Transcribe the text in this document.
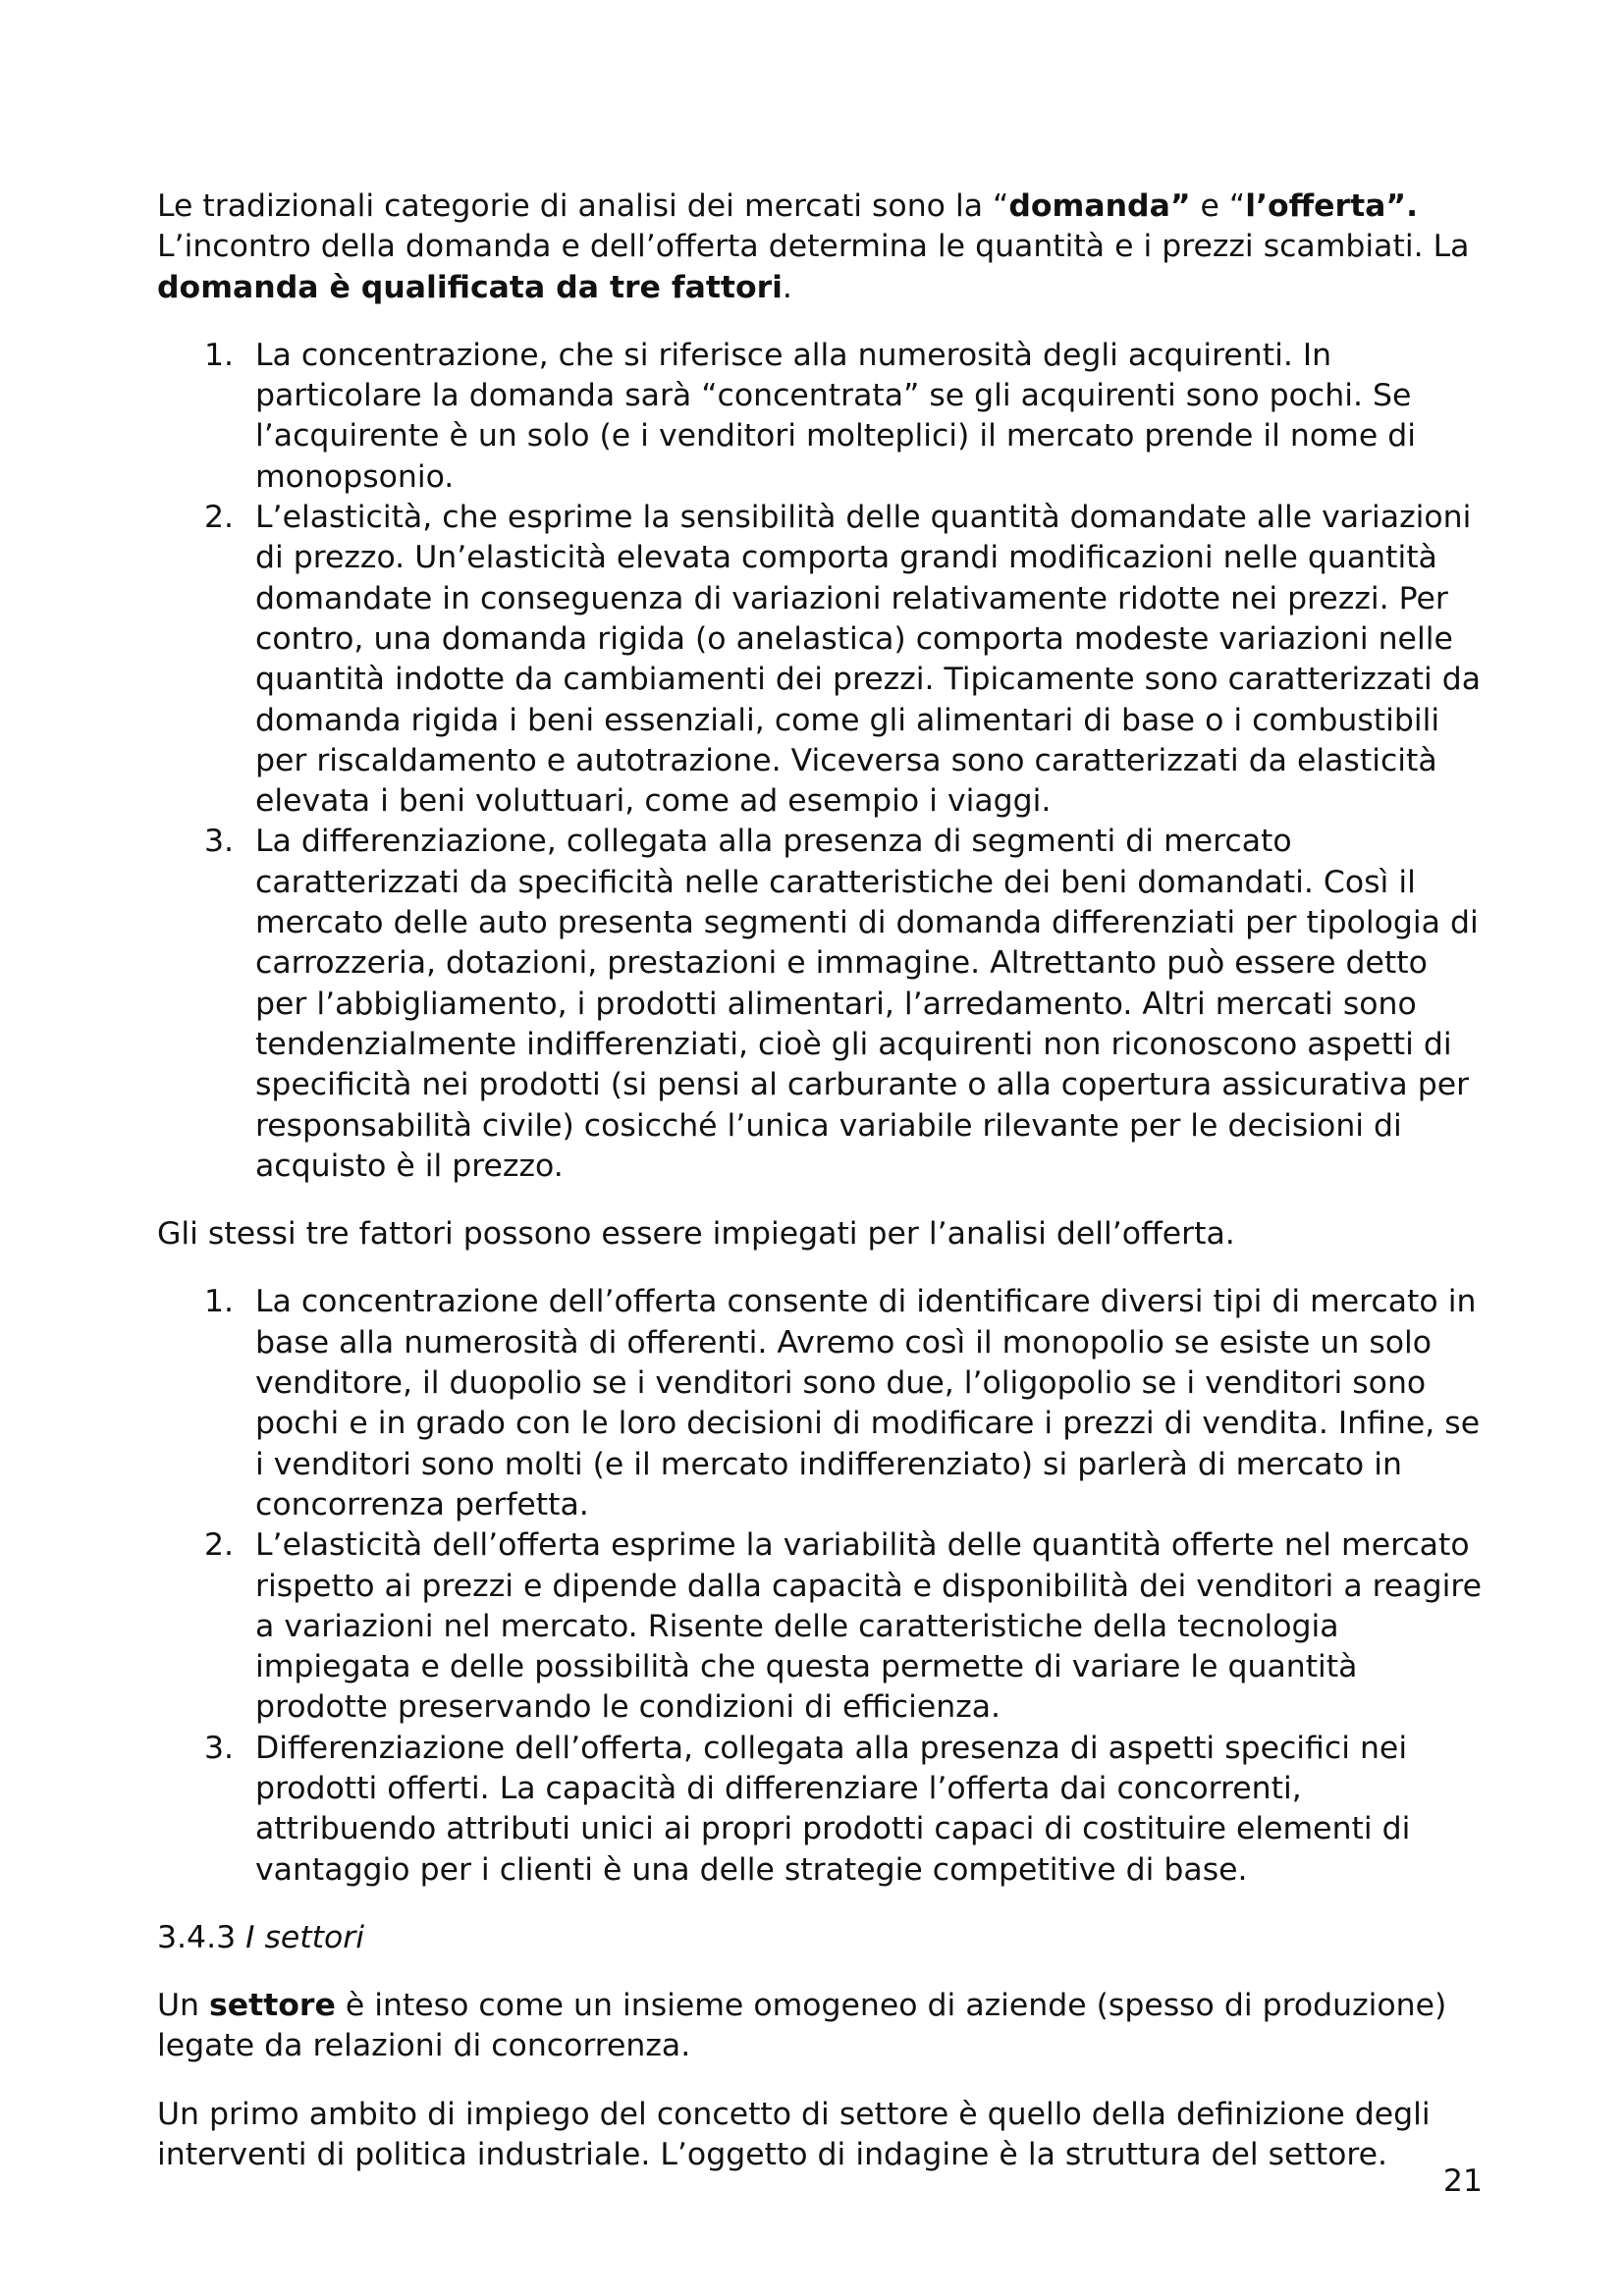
Le tradizionali categorie di analisi dei mercati sono la “domanda” e “l’offerta”. L’incontro della domanda e dell’offerta determina le quantità e i prezzi scambiati. La domanda è qualificata da tre fattori.

1. La concentrazione, che si riferisce alla numerosità degli acquirenti. In particolare la domanda sarà “concentrata” se gli acquirenti sono pochi. Se l’acquirente è un solo (e i venditori molteplici) il mercato prende il nome di monopsonio.
2. L’elasticità, che esprime la sensibilità delle quantità domandate alle variazioni di prezzo. Un’elasticità elevata comporta grandi modificazioni nelle quantità domandate in conseguenza di variazioni relativamente ridotte nei prezzi. Per contro, una domanda rigida (o anelastica) comporta modeste variazioni nelle quantità indotte da cambiamenti dei prezzi. Tipicamente sono caratterizzati da domanda rigida i beni essenziali, come gli alimentari di base o i combustibili per riscaldamento e autotrazione. Viceversa sono caratterizzati da elasticità elevata i beni voluttuari, come ad esempio i viaggi.
3. La differenziazione, collegata alla presenza di segmenti di mercato caratterizzati da specificità nelle caratteristiche dei beni domandati. Così il mercato delle auto presenta segmenti di domanda differenziati per tipologia di carrozzeria, dotazioni, prestazioni e immagine. Altrettanto può essere detto per l’abbigliamento, i prodotti alimentari, l’arredamento. Altri mercati sono tendenzialmente indifferenziati, cioè gli acquirenti non riconoscono aspetti di specificità nei prodotti (si pensi al carburante o alla copertura assicurativa per responsabilità civile) cosicché l’unica variabile rilevante per le decisioni di acquisto è il prezzo.

Gli stessi tre fattori possono essere impiegati per l’analisi dell’offerta.

1. La concentrazione dell’offerta consente di identificare diversi tipi di mercato in base alla numerosità di offerenti. Avremo così il monopolio se esiste un solo venditore, il duopolio se i venditori sono due, l’oligopolio se i venditori sono pochi e in grado con le loro decisioni di modificare i prezzi di vendita. Infine, se i venditori sono molti (e il mercato indifferenziato) si parlerà di mercato in concorrenza perfetta.
2. L’elasticità dell’offerta esprime la variabilità delle quantità offerte nel mercato rispetto ai prezzi e dipende dalla capacità e disponibilità dei venditori a reagire a variazioni nel mercato. Risente delle caratteristiche della tecnologia impiegata e delle possibilità che questa permette di variare le quantità prodotte preservando le condizioni di efficienza.
3. Differenziazione dell’offerta, collegata alla presenza di aspetti specifici nei prodotti offerti. La capacità di differenziare l’offerta dai concorrenti, attribuendo attributi unici ai propri prodotti capaci di costituire elementi di vantaggio per i clienti è una delle strategie competitive di base.

3.4.3 I settori

Un settore è inteso come un insieme omogeneo di aziende (spesso di produzione) legate da relazioni di concorrenza.

Un primo ambito di impiego del concetto di settore è quello della definizione degli interventi di politica industriale. L’oggetto di indagine è la struttura del settore.

21
